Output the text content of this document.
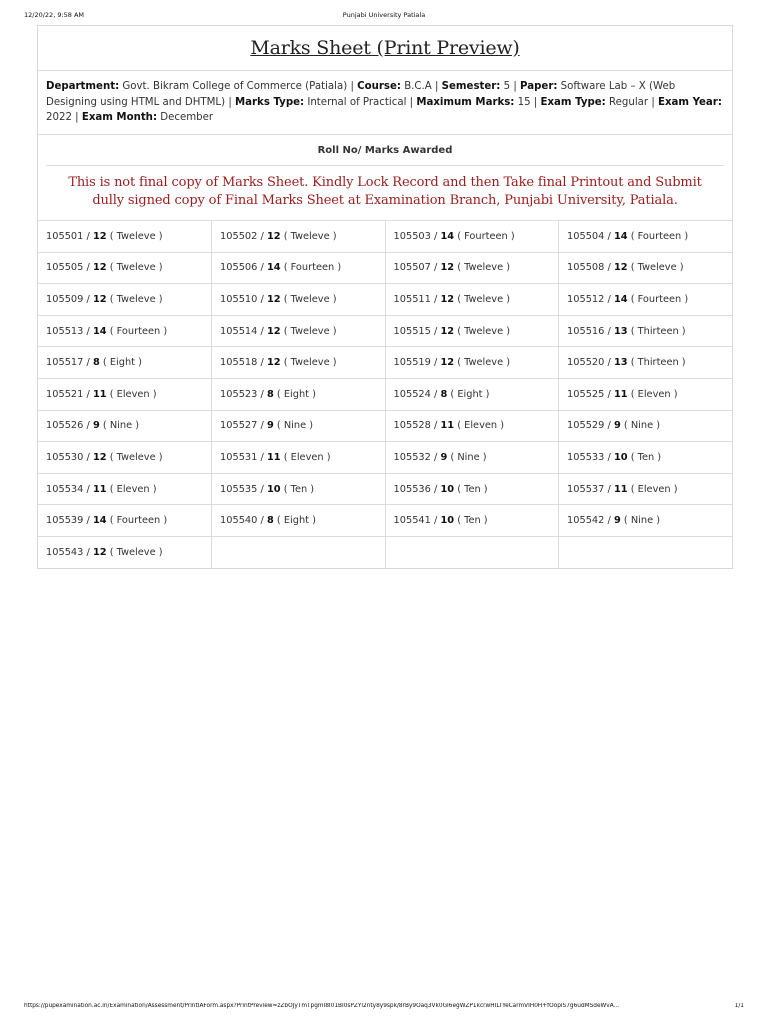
12/20/22, 9:58 AM	Punjabi University Patiala
Marks Sheet (Print Preview)
Department: Govt. Bikram College of Commerce (Patiala) | Course: B.C.A | Semester: 5 | Paper: Software Lab – X (Web Designing using HTML and DHTML) | Marks Type: Internal of Practical | Maximum Marks: 15 | Exam Type: Regular | Exam Year: 2022 | Exam Month: December
Roll No/ Marks Awarded
This is not final copy of Marks Sheet. Kindly Lock Record and then Take final Printout and Submit dully signed copy of Final Marks Sheet at Examination Branch, Punjabi University, Patiala.
105501 / 12 ( Tweleve )	105502 / 12 ( Tweleve )	105503 / 14 ( Fourteen )	105504 / 14 ( Fourteen )
105505 / 12 ( Tweleve )	105506 / 14 ( Fourteen )	105507 / 12 ( Tweleve )	105508 / 12 ( Tweleve )
105509 / 12 ( Tweleve )	105510 / 12 ( Tweleve )	105511 / 12 ( Tweleve )	105512 / 14 ( Fourteen )
105513 / 14 ( Fourteen )	105514 / 12 ( Tweleve )	105515 / 12 ( Tweleve )	105516 / 13 ( Thirteen )
105517 / 8 ( Eight )	105518 / 12 ( Tweleve )	105519 / 12 ( Tweleve )	105520 / 13 ( Thirteen )
105521 / 11 ( Eleven )	105523 / 8 ( Eight )	105524 / 8 ( Eight )	105525 / 11 ( Eleven )
105526 / 9 ( Nine )	105527 / 9 ( Nine )	105528 / 11 ( Eleven )	105529 / 9 ( Nine )
105530 / 12 ( Tweleve )	105531 / 11 ( Eleven )	105532 / 9 ( Nine )	105533 / 10 ( Ten )
105534 / 11 ( Eleven )	105535 / 10 ( Ten )	105536 / 10 ( Ten )	105537 / 11 ( Eleven )
105539 / 14 ( Fourteen )	105540 / 8 ( Eight )	105541 / 10 ( Ten )	105542 / 9 ( Nine )
105543 / 12 ( Tweleve )			
https://pupexamination.ac.in/Examination/Assessment/PrintIAForm.aspx?PrintPreview=zZbOJyTmTpgmI8I01BI0sPZYl2nty8y9spk/8rBy9Oaq3Vk0GI6egWZP1kcrwHILTYeCarmVIH0H+fOoplS7g6udMSdeWvA...	1/1
